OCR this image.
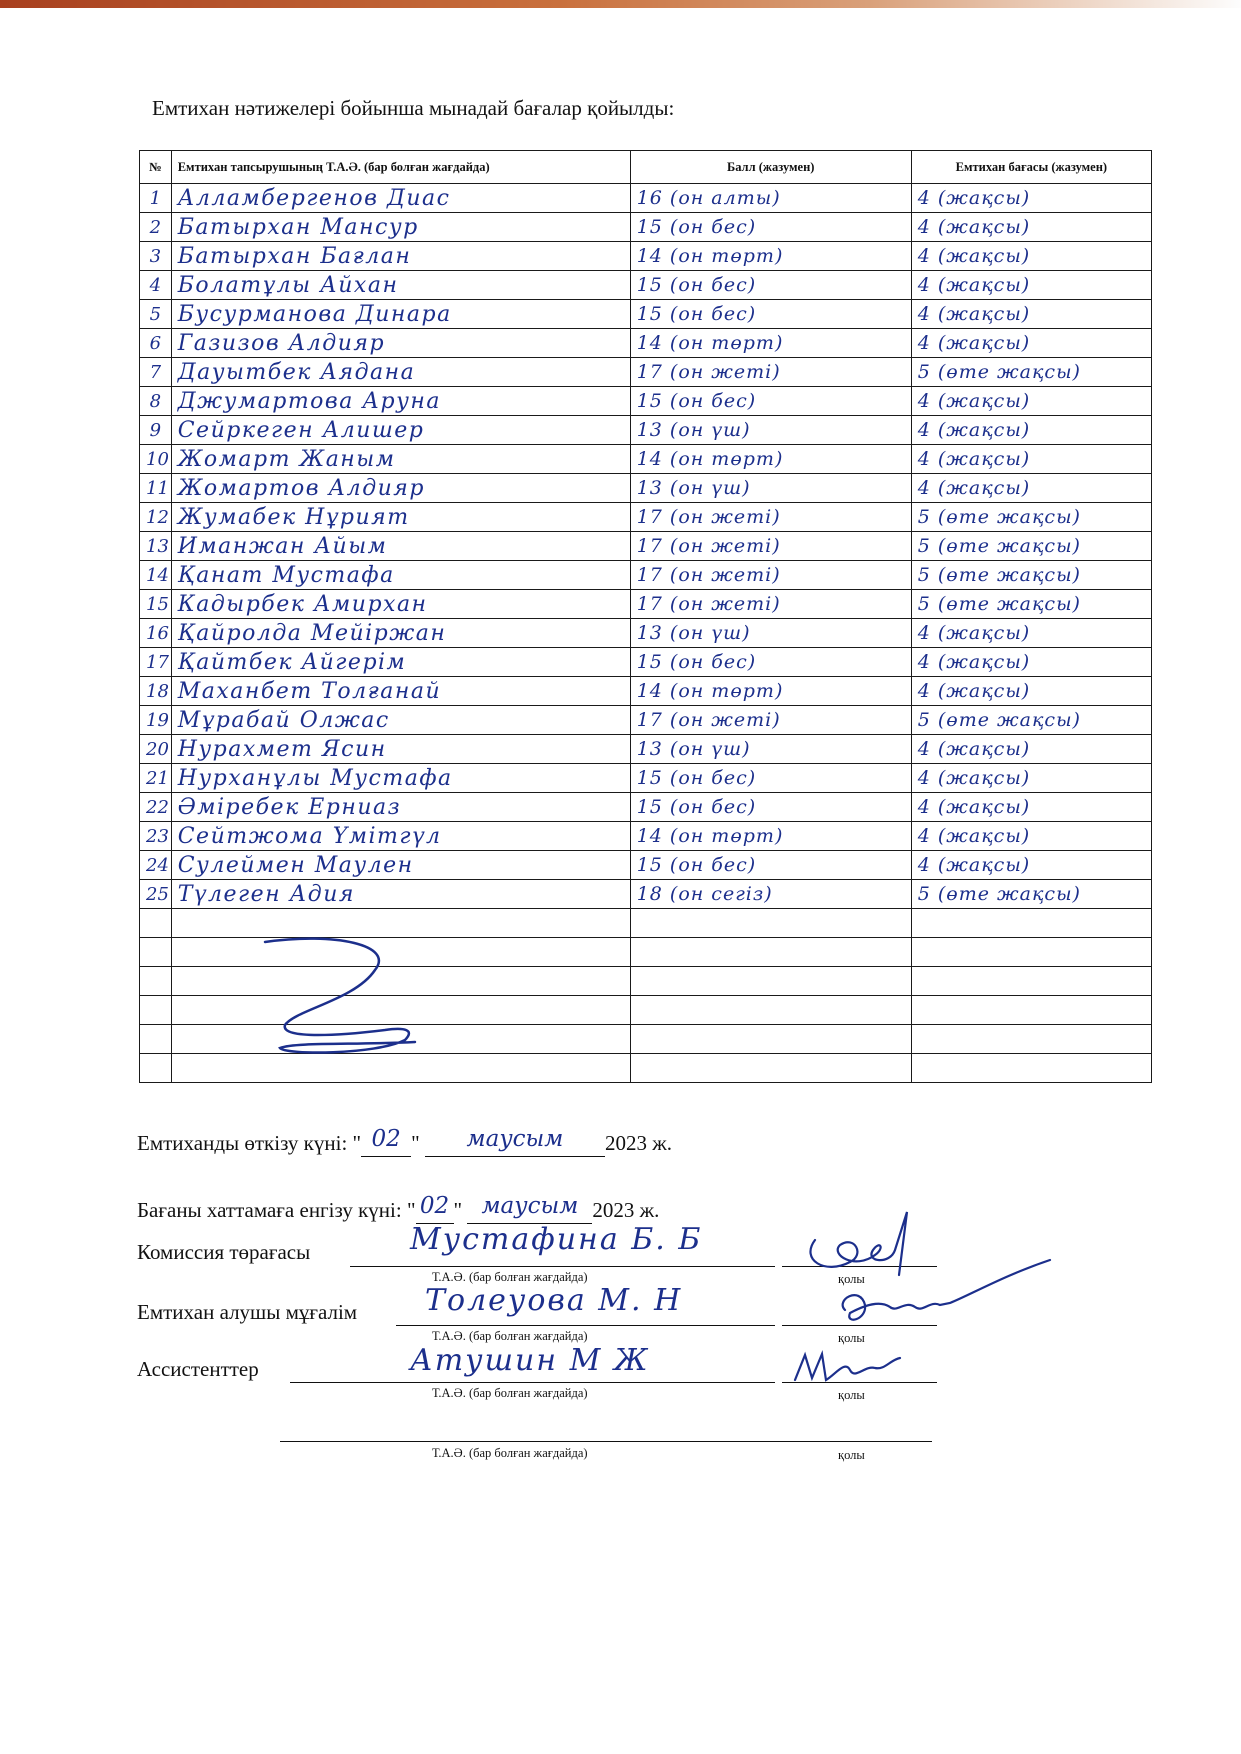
Емтихан нәтижелері бойынша мынадай бағалар қойылды:
№	Емтихан тапсырушының Т.А.Ә. (бар болған жағдайда)	Балл (жазумен)	Емтихан бағасы (жазумен)
1	Алламбергенов Диас	16 (он алты)	4 (жақсы)
2	Батырхан Мансур	15 (он бес)	4 (жақсы)
3	Батырхан Бағлан	14 (он төрт)	4 (жақсы)
4	Болатұлы Айхан	15 (он бес)	4 (жақсы)
5	Бусурманова Динара	15 (он бес)	4 (жақсы)
6	Газизов Алдияр	14 (он төрт)	4 (жақсы)
7	Дауытбек Аядана	17 (он жеті)	5 (өте жақсы)
8	Джумартова Аруна	15 (он бес)	4 (жақсы)
9	Сейркеген Алишер	13 (он үш)	4 (жақсы)
10	Жомарт Жаным	14 (он төрт)	4 (жақсы)
11	Жомартов Алдияр	13 (он үш)	4 (жақсы)
12	Жумабек Нұрият	17 (он жеті)	5 (өте жақсы)
13	Иманжан Айым	17 (он жеті)	5 (өте жақсы)
14	Қанат Мустафа	17 (он жеті)	5 (өте жақсы)
15	Кадырбек Амирхан	17 (он жеті)	5 (өте жақсы)
16	Қайролда Мейіржан	13 (он үш)	4 (жақсы)
17	Қайтбек Айгерім	15 (он бес)	4 (жақсы)
18	Маханбет Толғанай	14 (он төрт)	4 (жақсы)
19	Мұрабай Олжас	17 (он жеті)	5 (өте жақсы)
20	Нурахмет Ясин	13 (он үш)	4 (жақсы)
21	Нурханұлы Мустафа	15 (он бес)	4 (жақсы)
22	Әміребек Ерниаз	15 (он бес)	4 (жақсы)
23	Сейтжома Үмітгүл	14 (он төрт)	4 (жақсы)
24	Сулеймен Маулен	15 (он бес)	4 (жақсы)
25	Түлеген Адия	18 (он сегіз)	5 (өте жақсы)

Емтиханды өткізу күні: " 02 " маусым 2023 ж.
Бағаны хаттамаға енгізу күні: " 02 " маусым 2023 ж.
Комиссия төрағасы	Мустафина Б. Б
Т.А.Ә. (бар болған жағдайда)	қолы
Емтихан алушы мұғалім Толеуова М. Н
Т.А.Ә. (бар болған жағдайда)	қолы
Ассистенттер	Атушин М Ж
Т.А.Ә. (бар болған жағдайда)	қолы
Т.А.Ә. (бар болған жағдайда)	қолы
